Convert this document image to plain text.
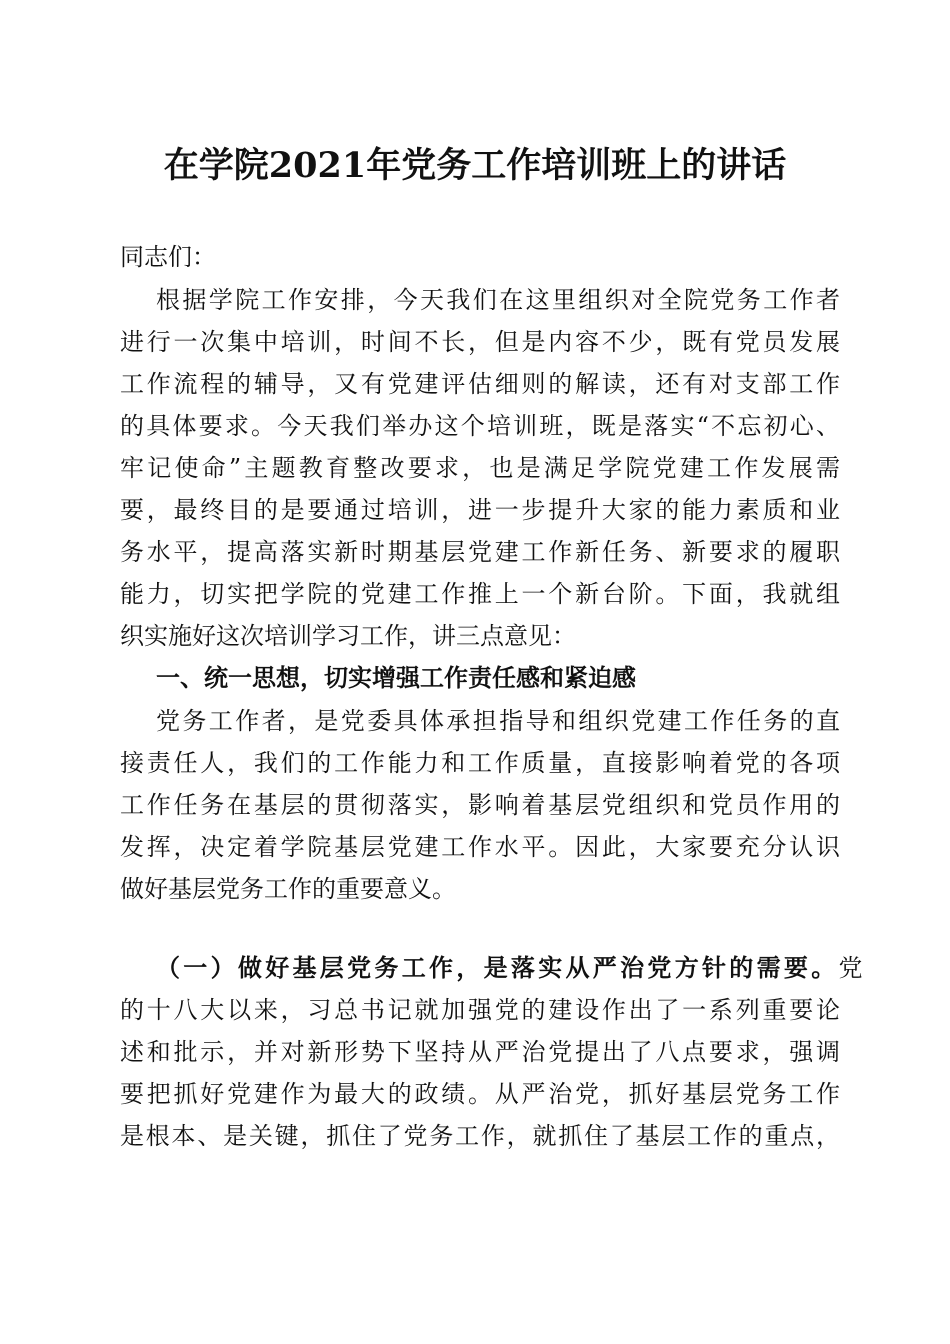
在学院2021年党务工作培训班上的讲话
同志们：
根据学院工作安排，今天我们在这里组织对全院党务工作者
进行一次集中培训，时间不长，但是内容不少，既有党员发展
工作流程的辅导，又有党建评估细则的解读，还有对支部工作
的具体要求。今天我们举办这个培训班，既是落实“不忘初心、
牢记使命”主题教育整改要求，也是满足学院党建工作发展需
要，最终目的是要通过培训，进一步提升大家的能力素质和业
务水平，提高落实新时期基层党建工作新任务、新要求的履职
能力，切实把学院的党建工作推上一个新台阶。下面，我就组
织实施好这次培训学习工作，讲三点意见：
一、统一思想，切实增强工作责任感和紧迫感
党务工作者，是党委具体承担指导和组织党建工作任务的直
接责任人，我们的工作能力和工作质量，直接影响着党的各项
工作任务在基层的贯彻落实，影响着基层党组织和党员作用的
发挥，决定着学院基层党建工作水平。因此，大家要充分认识
做好基层党务工作的重要意义。
（一）做好基层党务工作，是落实从严治党方针的需要。 党
的十八大以来，习总书记就加强党的建设作出了一系列重要论
述和批示，并对新形势下坚持从严治党提出了八点要求，强调
要把抓好党建作为最大的政绩。从严治党，抓好基层党务工作
是根本、是关键，抓住了党务工作，就抓住了基层工作的重点，
